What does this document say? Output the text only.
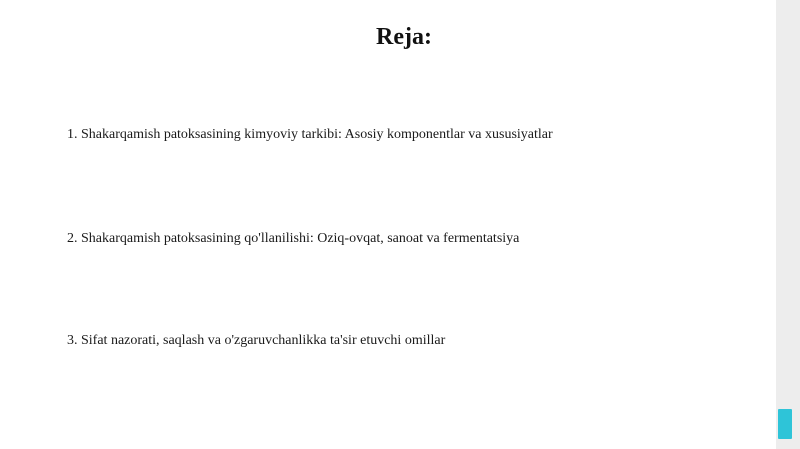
Reja:
1. Shakarqamish patoksasining kimyoviy tarkibi: Asosiy komponentlar va xususiyatlar
2. Shakarqamish patoksasining qo'llanilishi: Oziq-ovqat, sanoat va fermentatsiya
3. Sifat nazorati, saqlash va o'zgaruvchanlikka ta'sir etuvchi omillar
